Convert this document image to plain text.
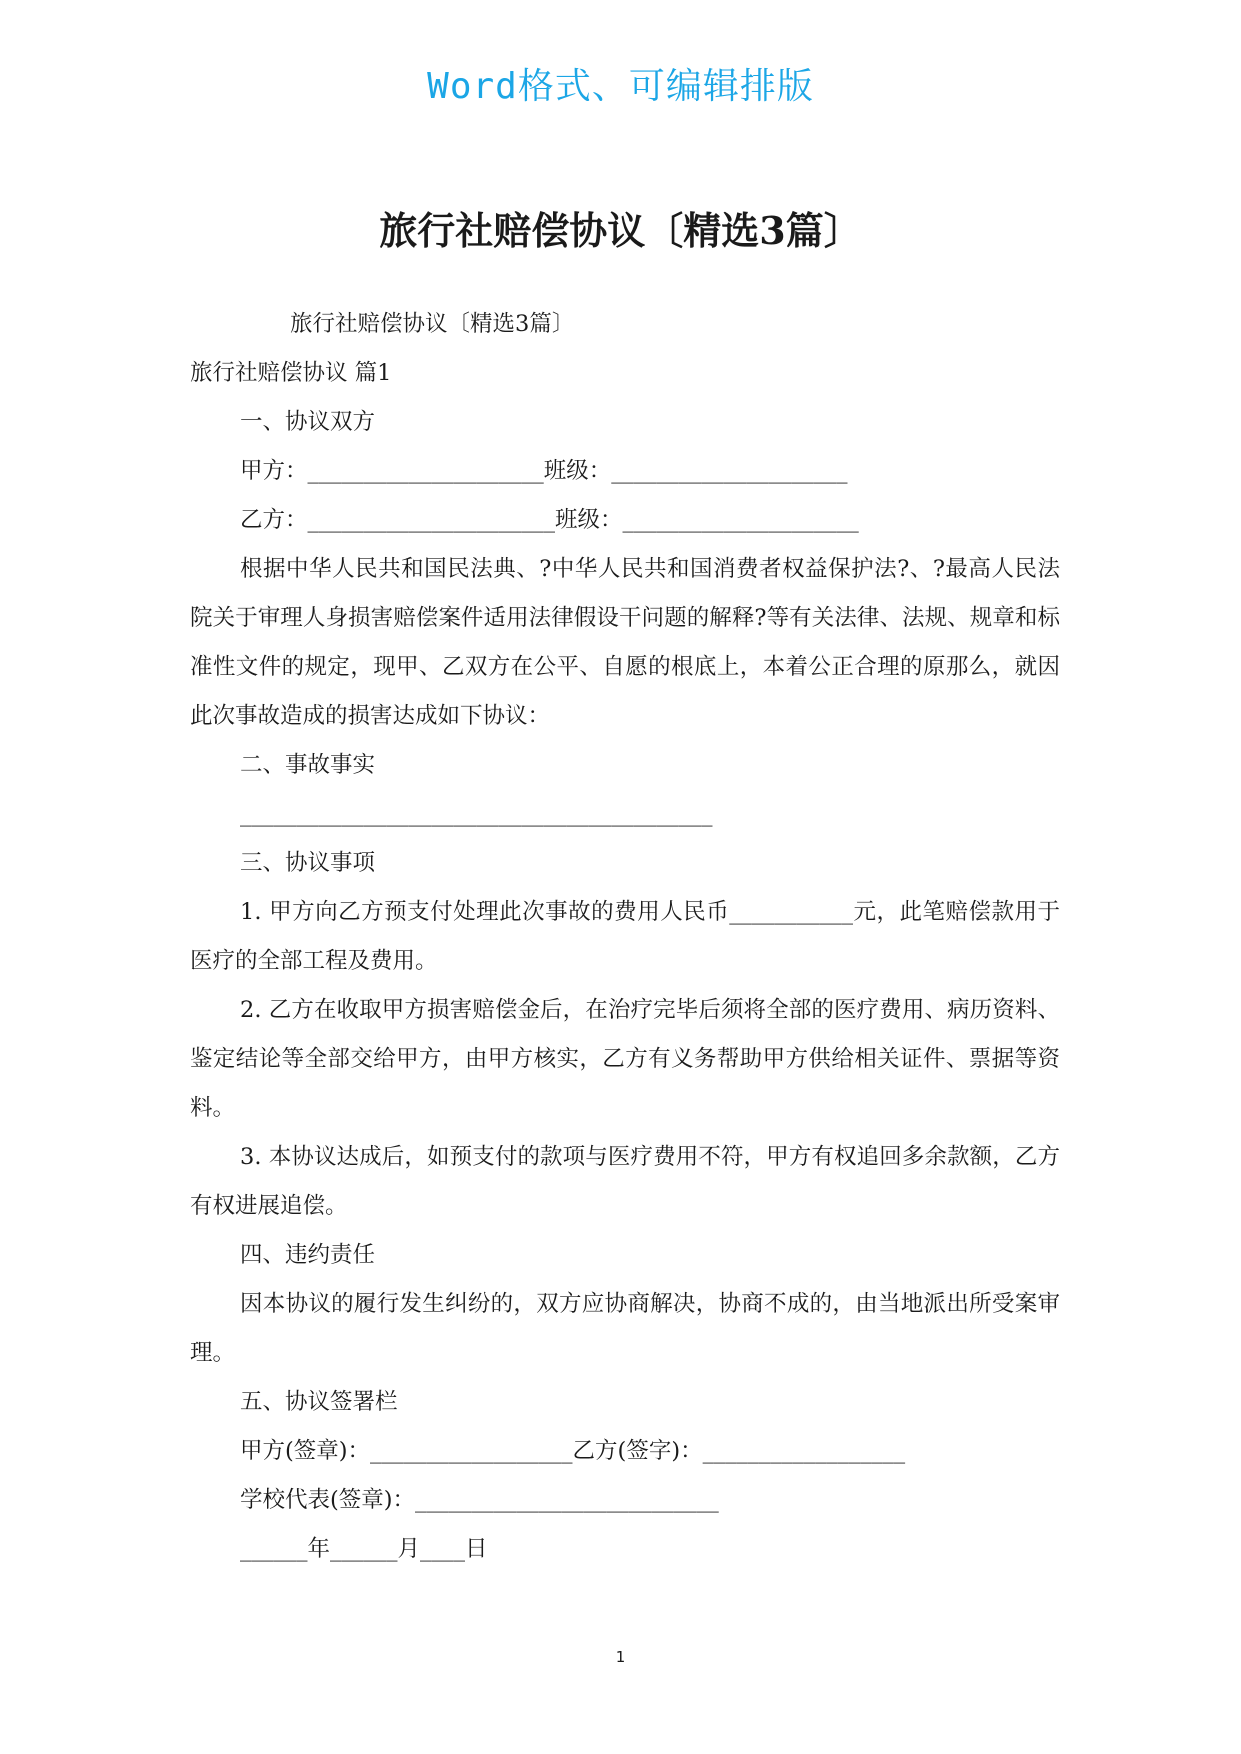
Word格式、可编辑排版
旅行社赔偿协议〔精选3篇〕
旅行社赔偿协议〔精选3篇〕
旅行社赔偿协议 篇1
一、协议双方
甲方：_____________________班级：_____________________
乙方：______________________班级：_____________________

根据中华人民共和国民法典、?中华人民共和国消费者权益保护法?、?最高人民法院关于审理人身损害赔偿案件适用法律假设干问题的解释?等有关法律、法规、规章和标准性文件的规定，现甲、乙双方在公平、自愿的根底上，本着公正合理的原那么，就因此次事故造成的损害达成如下协议：

二、事故事实
__________________________________________
三、协议事项

1. 甲方向乙方预支付处理此次事故的费用人民币___________元，此笔赔偿款用于医疗的全部工程及费用。

2. 乙方在收取甲方损害赔偿金后，在治疗完毕后须将全部的医疗费用、病历资料、鉴定结论等全部交给甲方，由甲方核实，乙方有义务帮助甲方供给相关证件、票据等资料。

3. 本协议达成后，如预支付的款项与医疗费用不符，甲方有权追回多余款额，乙方有权进展追偿。

四、违约责任

因本协议的履行发生纠纷的，双方应协商解决，协商不成的，由当地派出所受案审理。

五、协议签署栏
甲方(签章)：__________________乙方(签字)：__________________
学校代表(签章)：___________________________
______年______月____日
1
